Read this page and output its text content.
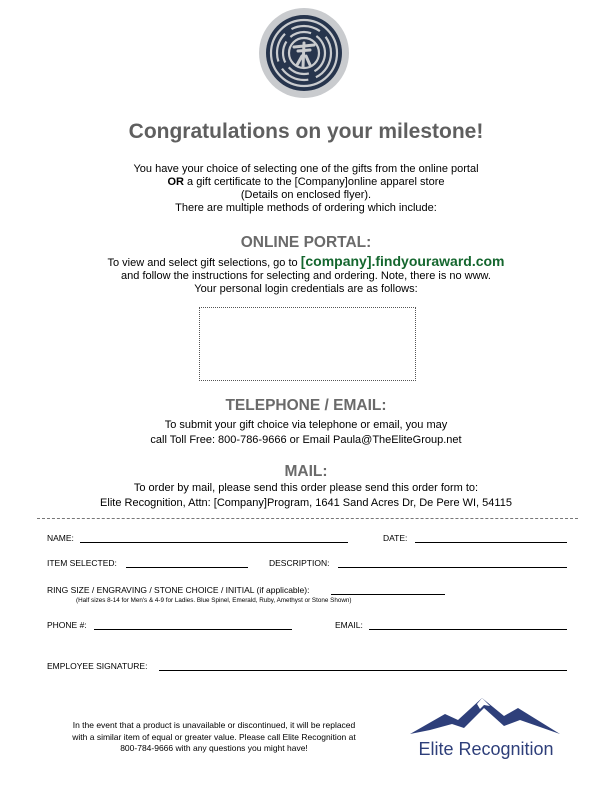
Congratulations on your milestone!
You have your choice of selecting one of the gifts from the online portal
OR a gift certificate to the [Company]online apparel store
(Details on enclosed flyer).
There are multiple methods of ordering which include:
ONLINE PORTAL:
To view and select gift selections, go to [company].findyouraward.com
and follow the instructions for selecting and ordering. Note, there is no www.
Your personal login credentials are as follows:
TELEPHONE / EMAIL:
To submit your gift choice via telephone or email, you may
call Toll Free: 800-786-9666 or Email Paula@TheEliteGroup.net
MAIL:
To order by mail, please send this order please send this order form to:
Elite Recognition, Attn: [Company]Program, 1641 Sand Acres Dr, De Pere WI, 54115
NAME:	DATE:
ITEM SELECTED:	DESCRIPTION:
RING SIZE / ENGRAVING / STONE CHOICE / INITIAL (if applicable):
(Half sizes 8-14 for Men's & 4-9 for Ladies. Blue Spinel, Emerald, Ruby, Amethyst or Stone Shown)
PHONE #:	EMAIL:
EMPLOYEE SIGNATURE:
In the event that a product is unavailable or discontinued, it will be replaced
with a similar item of equal or greater value. Please call Elite Recognition at
800-784-9666 with any questions you might have!	Elite Recognition
